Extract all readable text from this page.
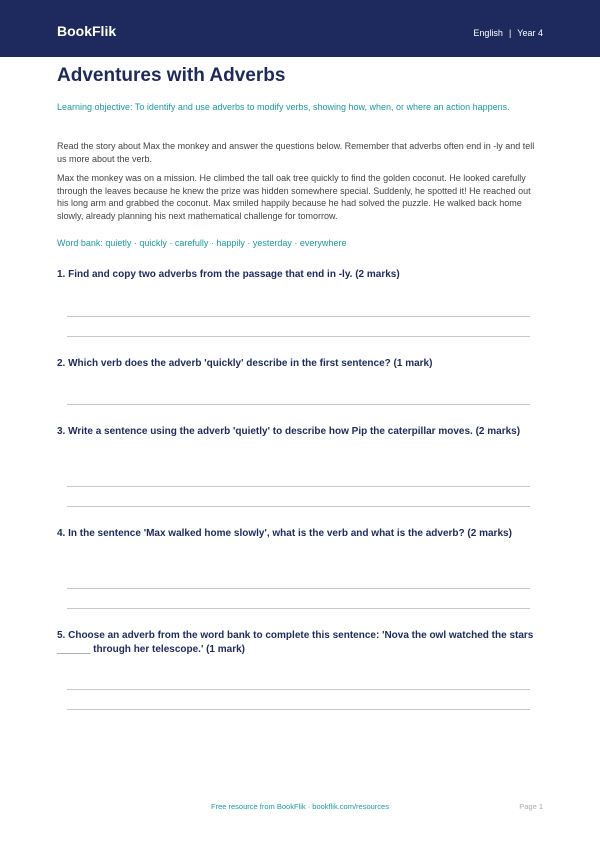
BookFlik	English | Year 4
Adventures with Adverbs

Learning objective: To identify and use adverbs to modify verbs, showing how, when, or where an action happens.

Read the story about Max the monkey and answer the questions below. Remember that adverbs often end in -ly and tell us more about the verb.

Max the monkey was on a mission. He climbed the tall oak tree quickly to find the golden coconut. He looked carefully through the leaves because he knew the prize was hidden somewhere special. Suddenly, he spotted it! He reached out his long arm and grabbed the coconut. Max smiled happily because he had solved the puzzle. He walked back home slowly, already planning his next mathematical challenge for tomorrow.

Word bank: quietly · quickly · carefully · happily · yesterday · everywhere

1. Find and copy two adverbs from the passage that end in -ly. (2 marks)

2. Which verb does the adverb 'quickly' describe in the first sentence? (1 mark)

3. Write a sentence using the adverb 'quietly' to describe how Pip the caterpillar moves. (2 marks)

4. In the sentence 'Max walked home slowly', what is the verb and what is the adverb? (2 marks)

5. Choose an adverb from the word bank to complete this sentence: 'Nova the owl watched the stars ______ through her telescope.' (1 mark)

Free resource from BookFlik · bookflik.com/resources	Page 1
